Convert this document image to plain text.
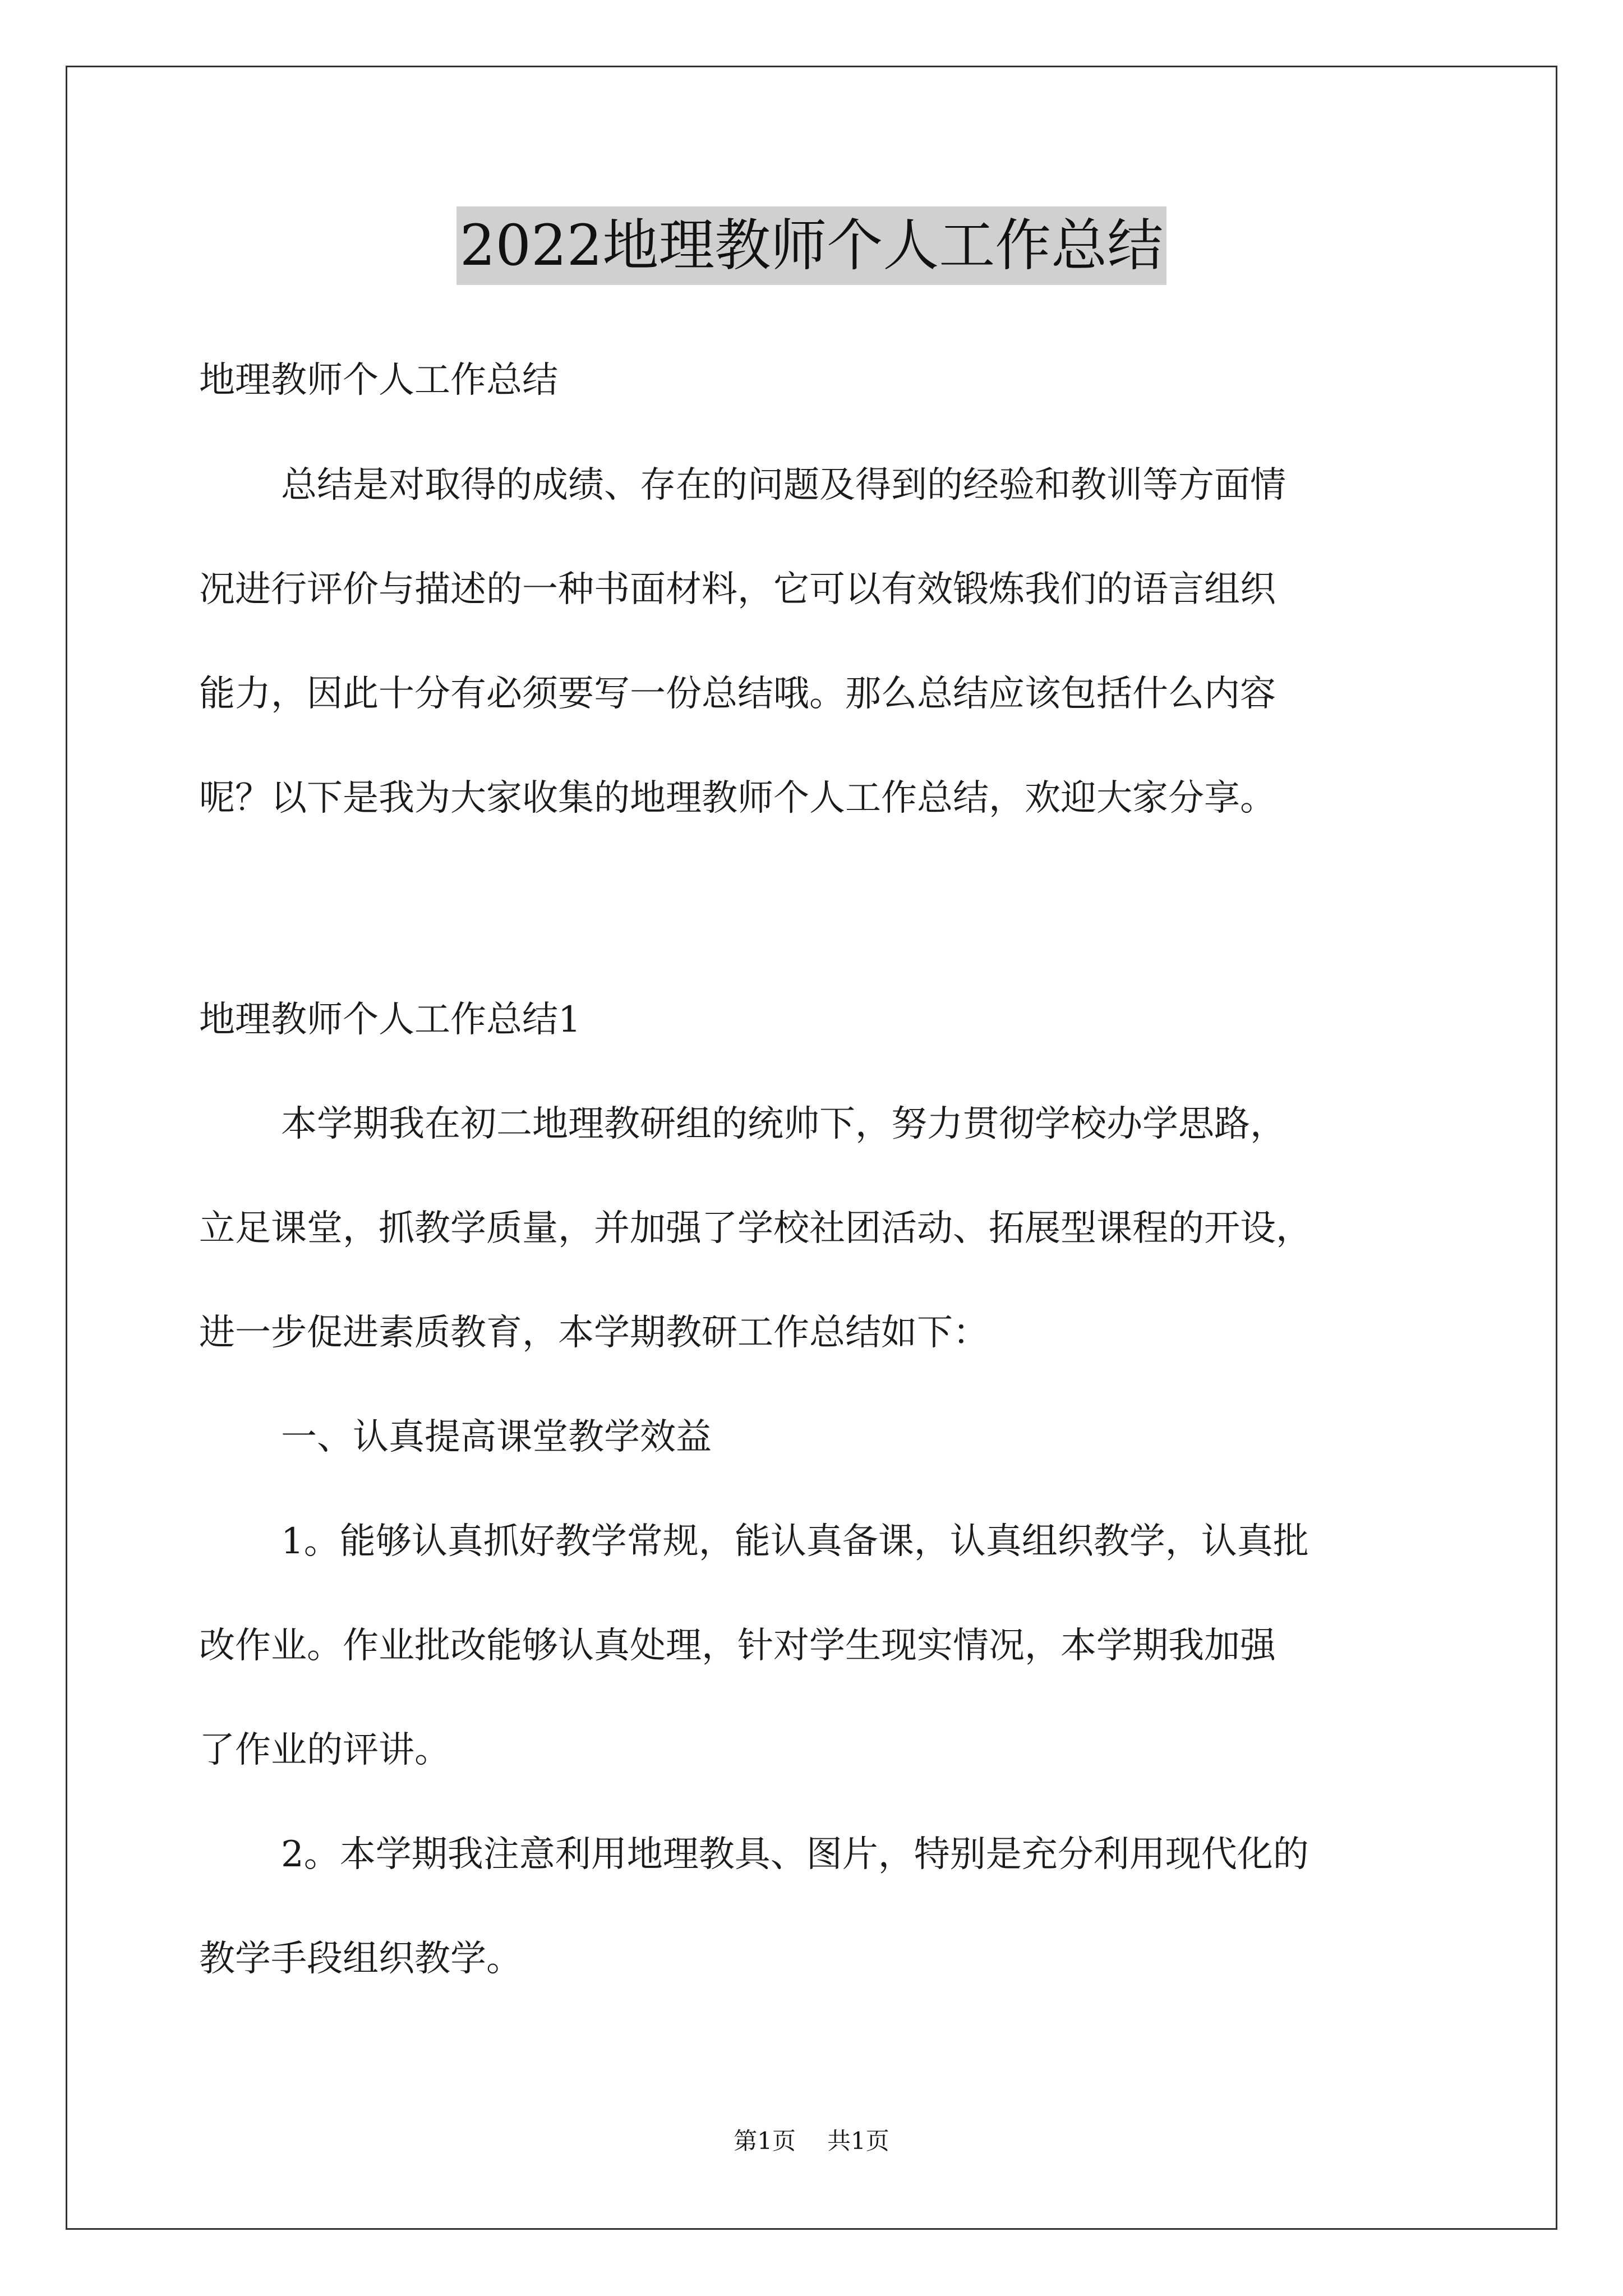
2022地理教师个人工作总结
地理教师个人工作总结
总结是对取得的成绩、存在的问题及得到的经验和教训等方面情
况进行评价与描述的一种书面材料，它可以有效锻炼我们的语言组织
能力，因此十分有必须要写一份总结哦。那么总结应该包括什么内容
呢？以下是我为大家收集的地理教师个人工作总结，欢迎大家分享。
地理教师个人工作总结1
本学期我在初二地理教研组的统帅下，努力贯彻学校办学思路，
立足课堂，抓教学质量，并加强了学校社团活动、拓展型课程的开设，
进一步促进素质教育，本学期教研工作总结如下：
一、认真提高课堂教学效益
1。能够认真抓好教学常规，能认真备课，认真组织教学，认真批
改作业。作业批改能够认真处理，针对学生现实情况，本学期我加强
了作业的评讲。
2。本学期我注意利用地理教具、图片，特别是充分利用现代化的
教学手段组织教学。
第1页 共1页
